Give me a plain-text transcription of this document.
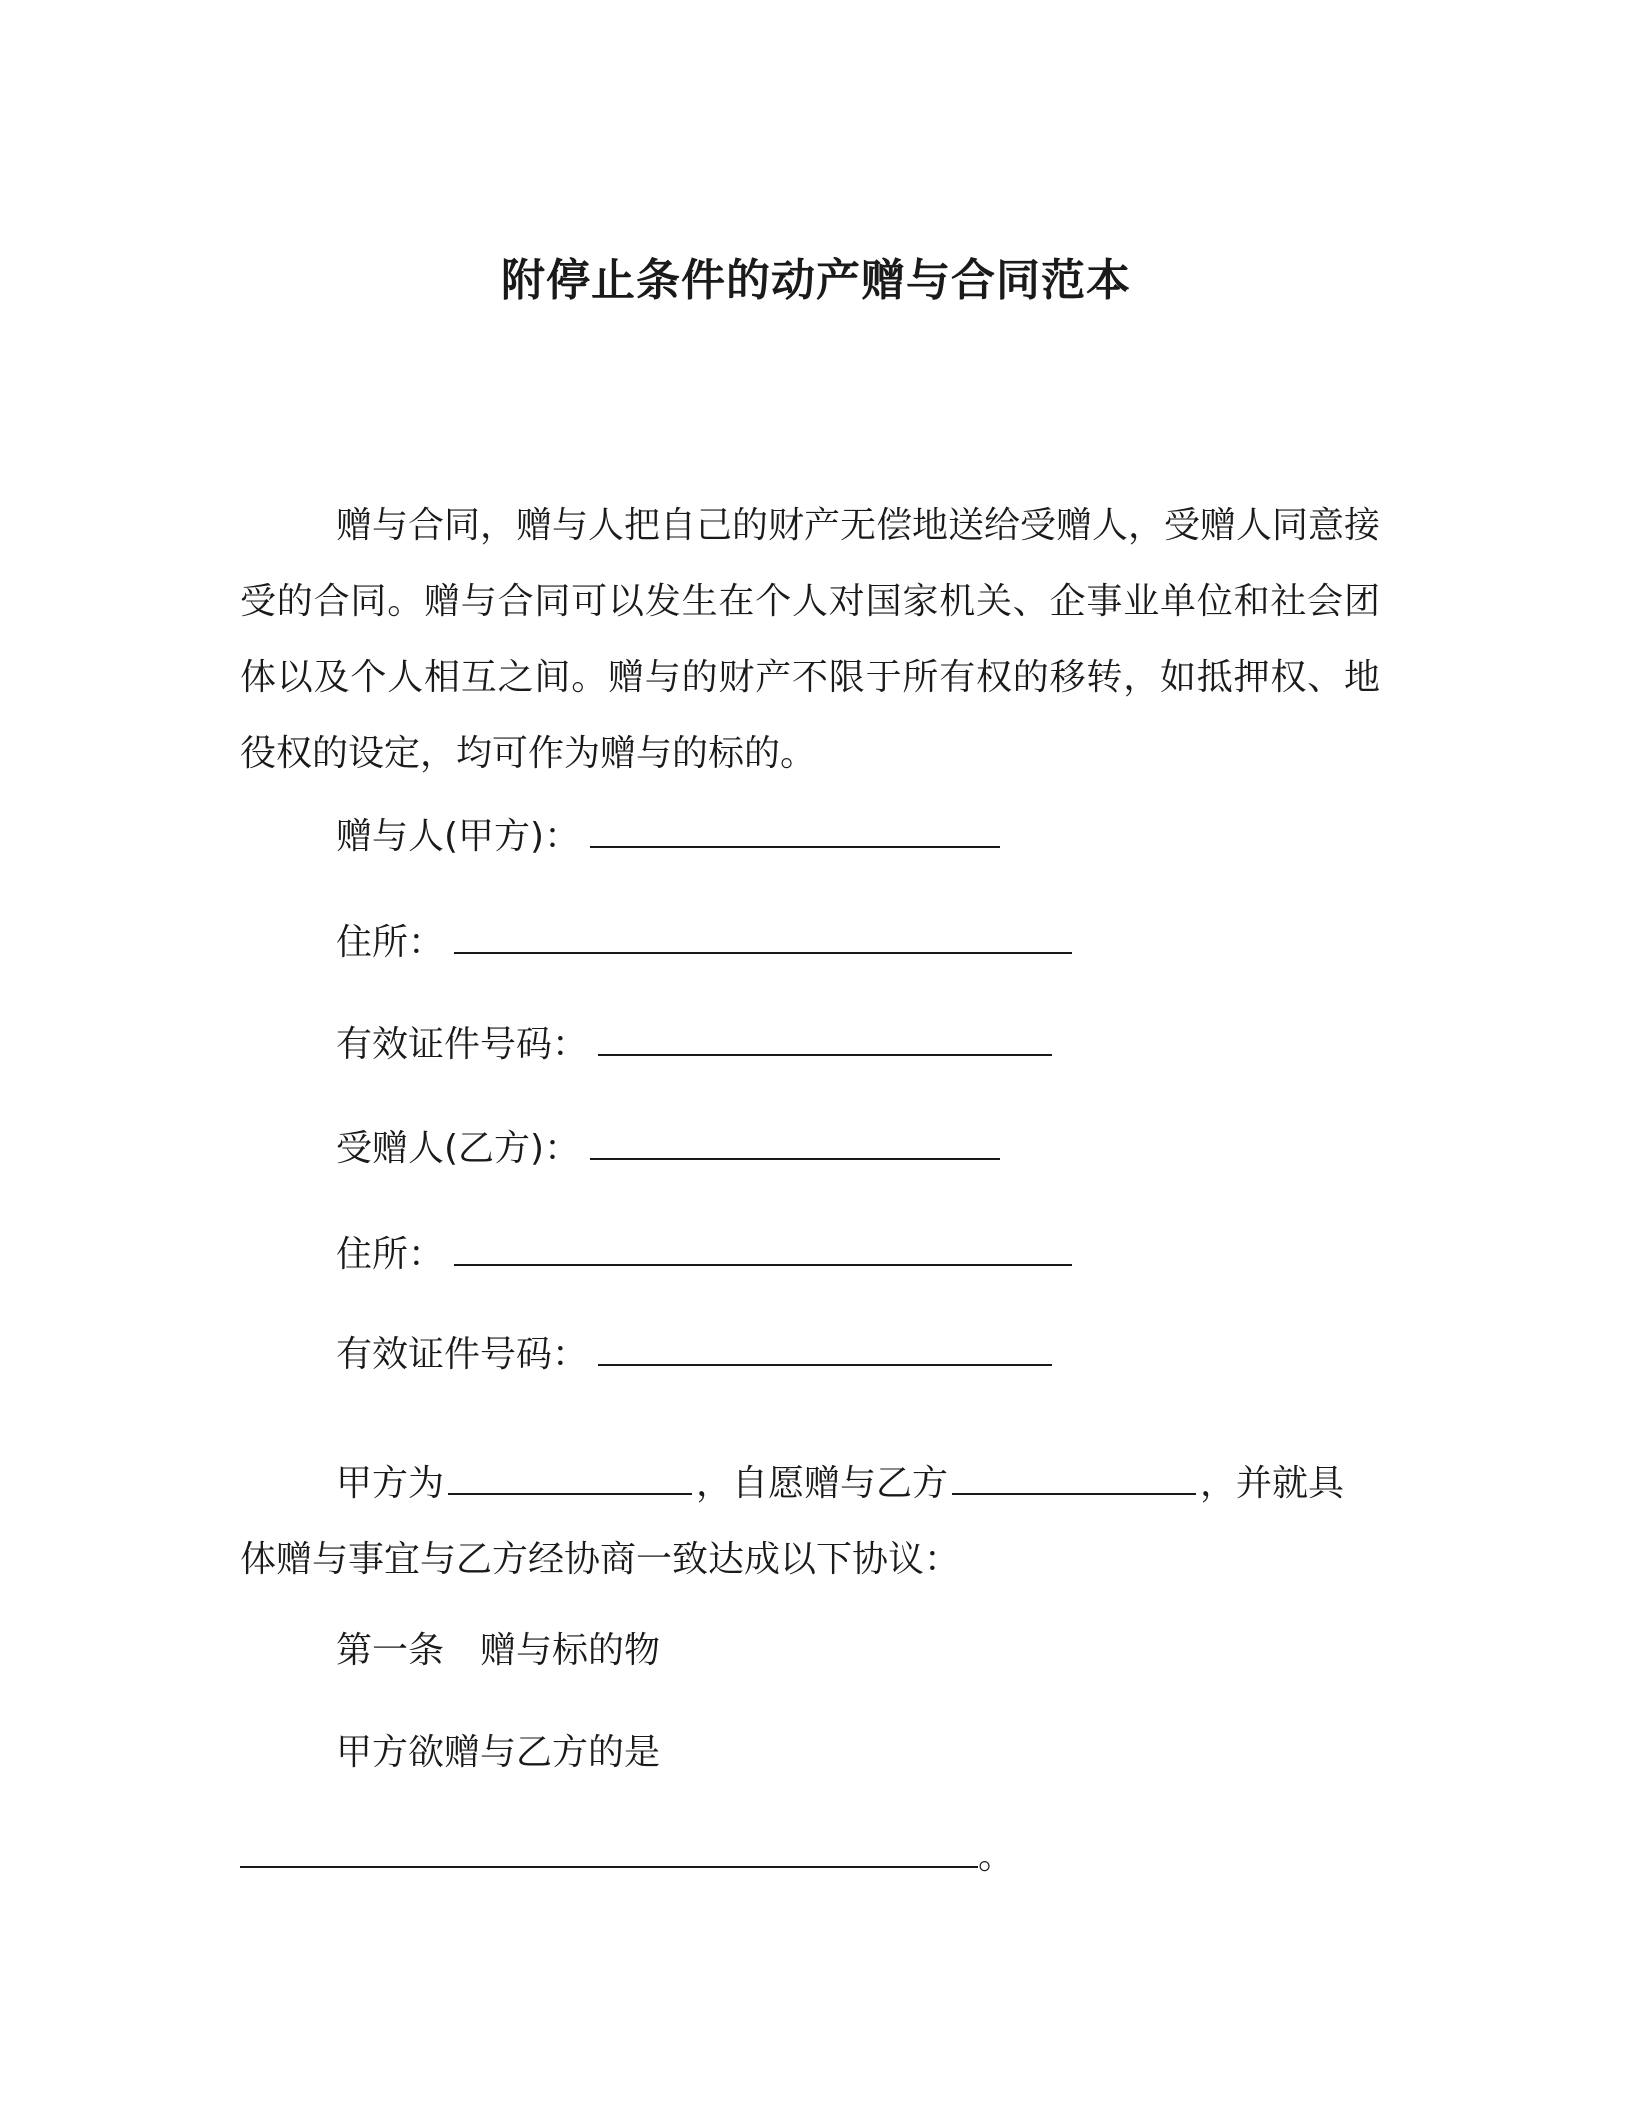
附停止条件的动产赠与合同范本

赠与合同，赠与人把自己的财产无偿地送给受赠人，受赠人同意接受的合同。赠与合同可以发生在个人对国家机关、企事业单位和社会团体以及个人相互之间。赠与的财产不限于所有权的移转，如抵押权、地役权的设定，均可作为赠与的标的。

赠与人(甲方)：

住所：

有效证件号码：

受赠人(乙方)：

住所：

有效证件号码：

甲方为	，自愿赠与乙方	，并就具
体赠与事宜与乙方经协商一致达成以下协议：

第一条　赠与标的物

甲方欲赠与乙方的是

。
